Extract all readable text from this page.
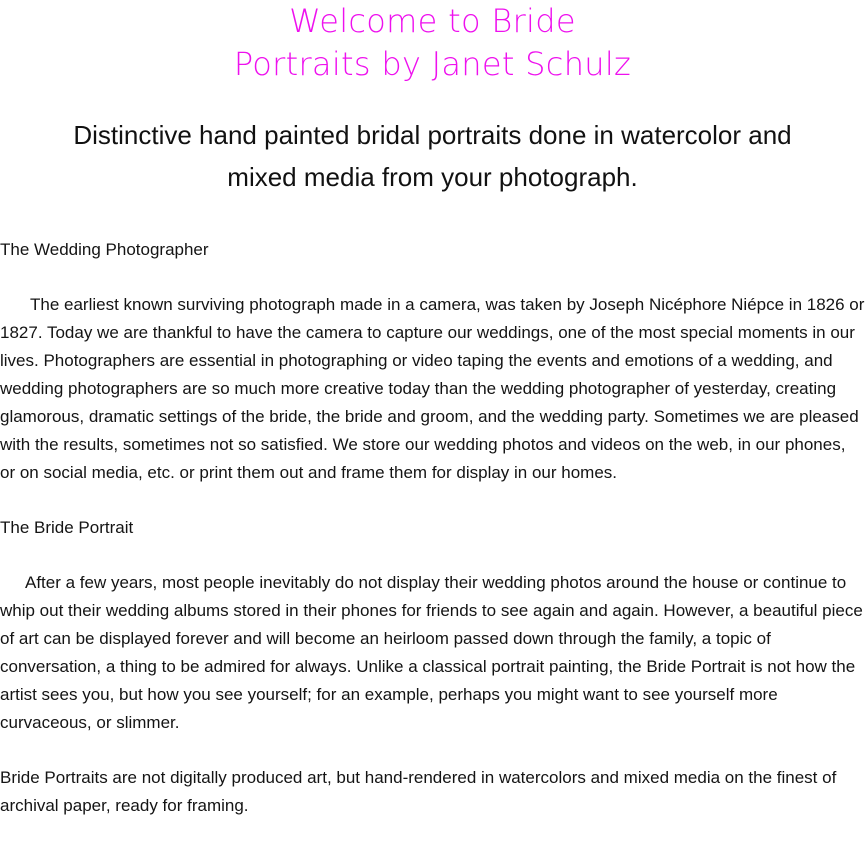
Welcome to Bride
Portraits by Janet Schulz
Distinctive hand painted bridal portraits done in watercolor and
mixed media from your photograph.
The Wedding Photographer

The earliest known surviving photograph made in a camera, was taken by Joseph Nicéphore Niépce in 1826 or 1827. Today we are thankful to have the camera to capture our weddings, one of the most special moments in our lives. Photographers are essential in photographing or video taping the events and emotions of a wedding, and wedding photographers are so much more creative today than the wedding photographer of yesterday, creating glamorous, dramatic settings of the bride, the bride and groom, and the wedding party. Sometimes we are pleased with the results, sometimes not so satisfied. We store our wedding photos and videos on the web, in our phones, or on social media, etc. or print them out and frame them for display in our homes.

The Bride Portrait

After a few years, most people inevitably do not display their wedding photos around the house or continue to whip out their wedding albums stored in their phones for friends to see again and again. However, a beautiful piece of art can be displayed forever and will become an heirloom passed down through the family, a topic of conversation, a thing to be admired for always. Unlike a classical portrait painting, the Bride Portrait is not how the artist sees you, but how you see yourself; for an example, perhaps you might want to see yourself more curvaceous, or slimmer.

Bride Portraits are not digitally produced art, but hand-rendered in watercolors and mixed media on the finest of archival paper, ready for framing.
